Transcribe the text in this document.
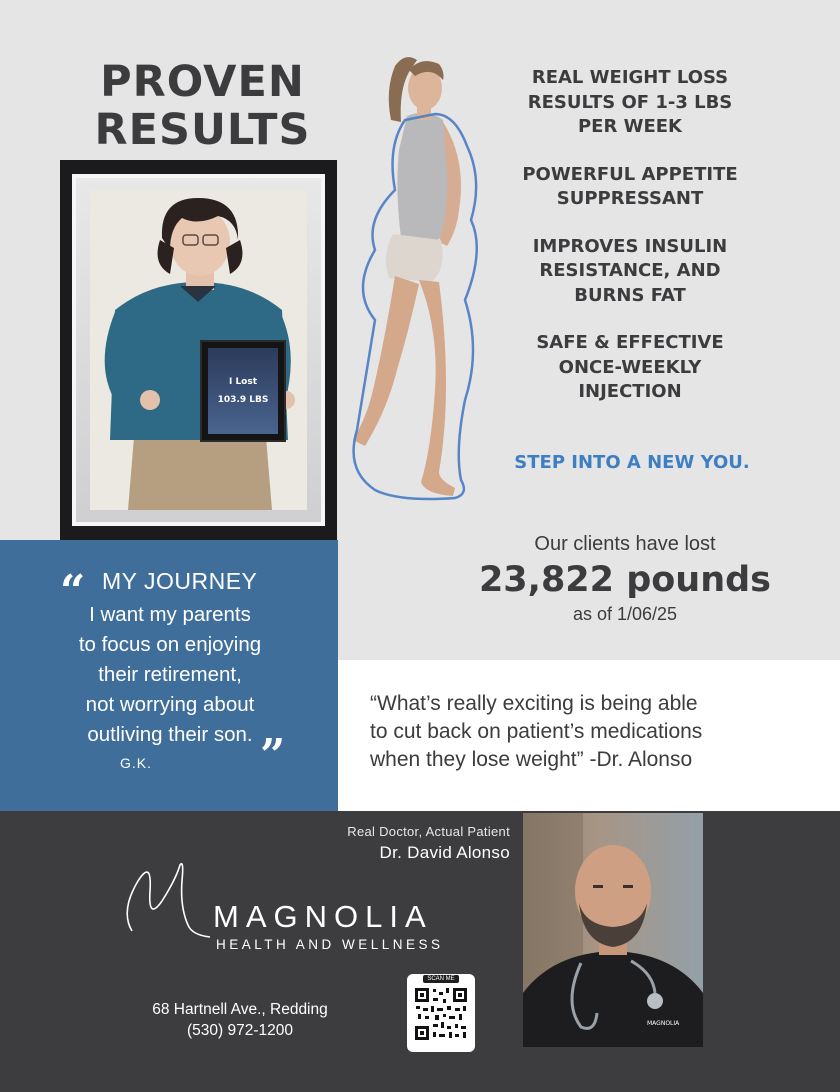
PROVEN
RESULTS
I Lost
103.9 LBS
REAL WEIGHT LOSS
RESULTS OF 1-3 LBS
PER WEEK
POWERFUL APPETITE
SUPPRESSANT
IMPROVES INSULIN
RESISTANCE, AND
BURNS FAT
SAFE & EFFECTIVE
ONCE-WEEKLY
INJECTION
STEP INTO A NEW YOU.
Our clients have lost
23,822 pounds
as of 1/06/25
“ MY JOURNEY
I want my parents
to focus on enjoying
their retirement,
not worrying about
outliving their son. ”
G.K.
“What’s really exciting is being able
to cut back on patient’s medications
when they lose weight” -Dr. Alonso
Real Doctor, Actual Patient
Dr. David Alonso
MAGNOLIA
HEALTH AND WELLNESS
68 Hartnell Ave., Redding
(530) 972-1200
SCAN ME
MAGNOLIA
